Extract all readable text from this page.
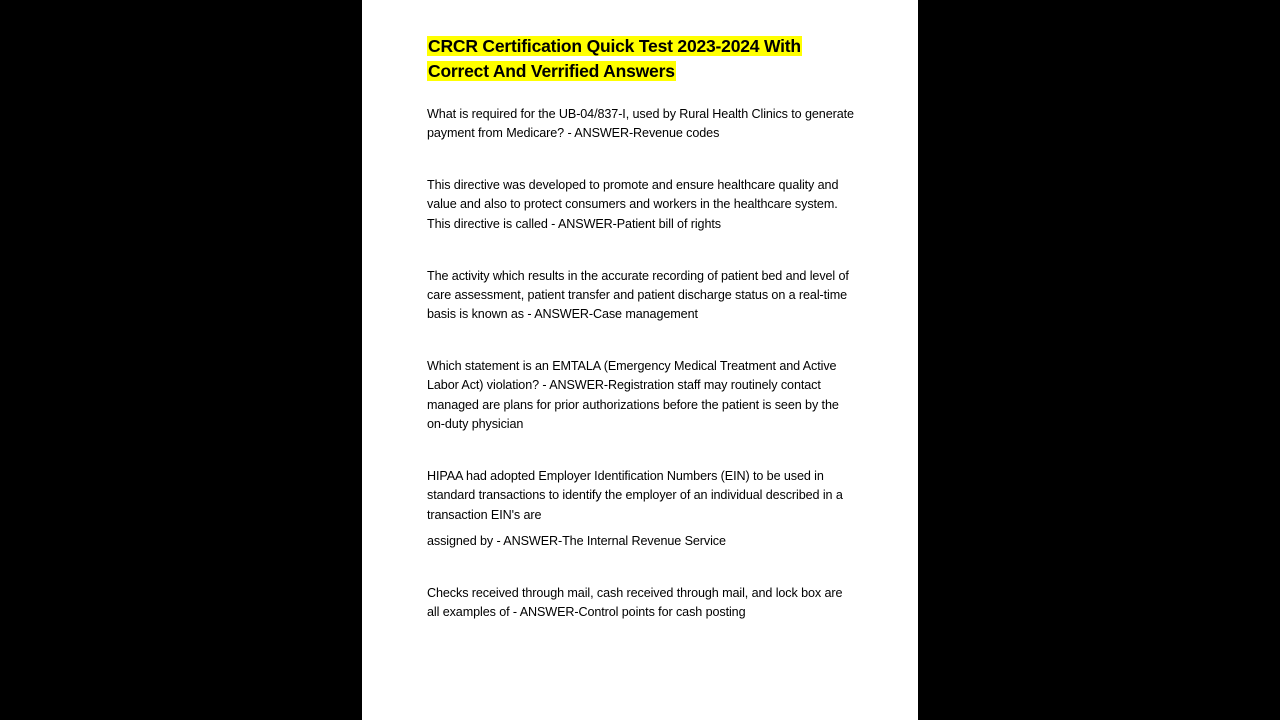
CRCR Certification Quick Test 2023-2024 With Correct And Verrified Answers

What is required for the UB-04/837-I, used by Rural Health Clinics to generate payment from Medicare? - ANSWER-Revenue codes

This directive was developed to promote and ensure healthcare quality and value and also to protect consumers and workers in the healthcare system. This directive is called - ANSWER-Patient bill of rights

The activity which results in the accurate recording of patient bed and level of care assessment, patient transfer and patient discharge status on a real-time basis is known as - ANSWER-Case management

Which statement is an EMTALA (Emergency Medical Treatment and Active Labor Act) violation? - ANSWER-Registration staff may routinely contact managed are plans for prior authorizations before the patient is seen by the on-duty physician

HIPAA had adopted Employer Identification Numbers (EIN) to be used in standard transactions to identify the employer of an individual described in a transaction EIN's are

assigned by - ANSWER-The Internal Revenue Service

Checks received through mail, cash received through mail, and lock box are all examples of - ANSWER-Control points for cash posting
